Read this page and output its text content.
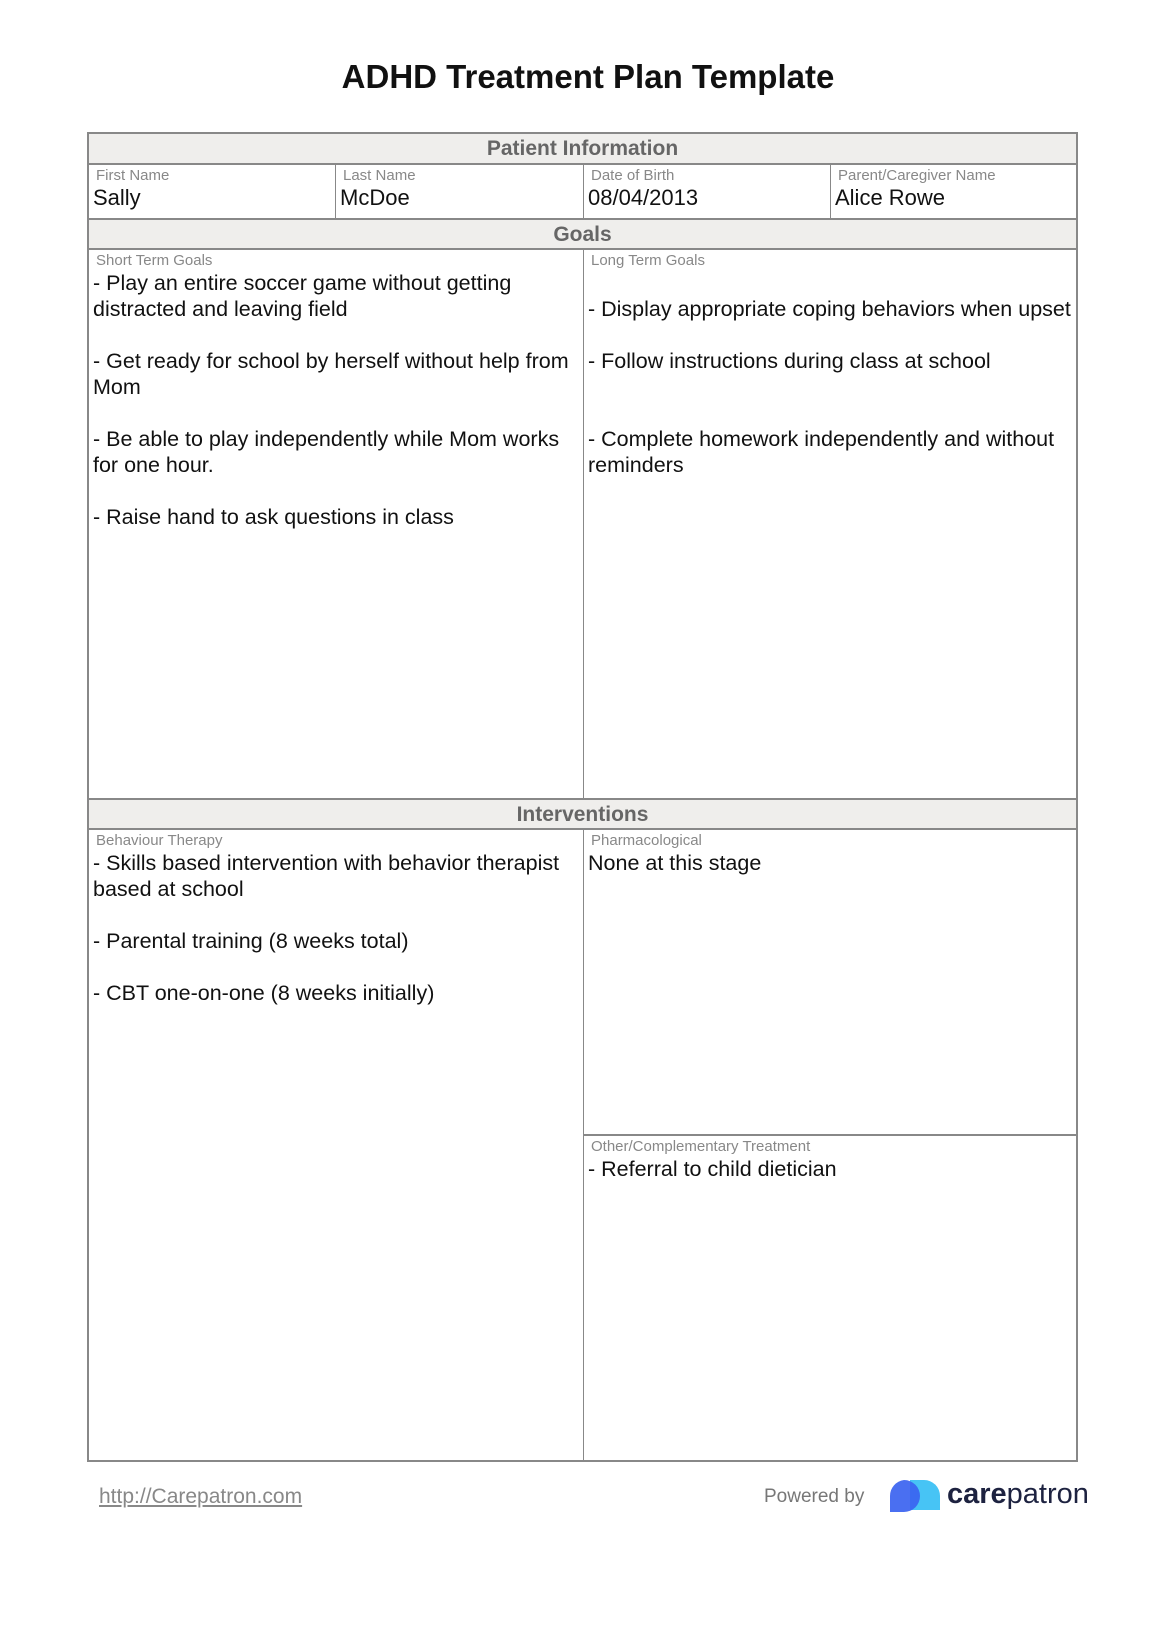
ADHD Treatment Plan Template
Patient Information
First Name
Sally
Last Name
McDoe
Date of Birth
08/04/2013
Parent/Caregiver Name
Alice Rowe
Goals
Short Term Goals
- Play an entire soccer game without getting distracted and leaving field

- Get ready for school by herself without help from Mom

- Be able to play independently while Mom works for one hour.

- Raise hand to ask questions in class
Long Term Goals

- Display appropriate coping behaviors when upset

- Follow instructions during class at school

- Complete homework independently and without reminders
Interventions
Behaviour Therapy
- Skills based intervention with behavior therapist based at school

- Parental training (8 weeks total)

- CBT one-on-one (8 weeks initially)
Pharmacological
None at this stage
Other/Complementary Treatment
- Referral to child dietician
http://Carepatron.com	Powered by	carepatron
